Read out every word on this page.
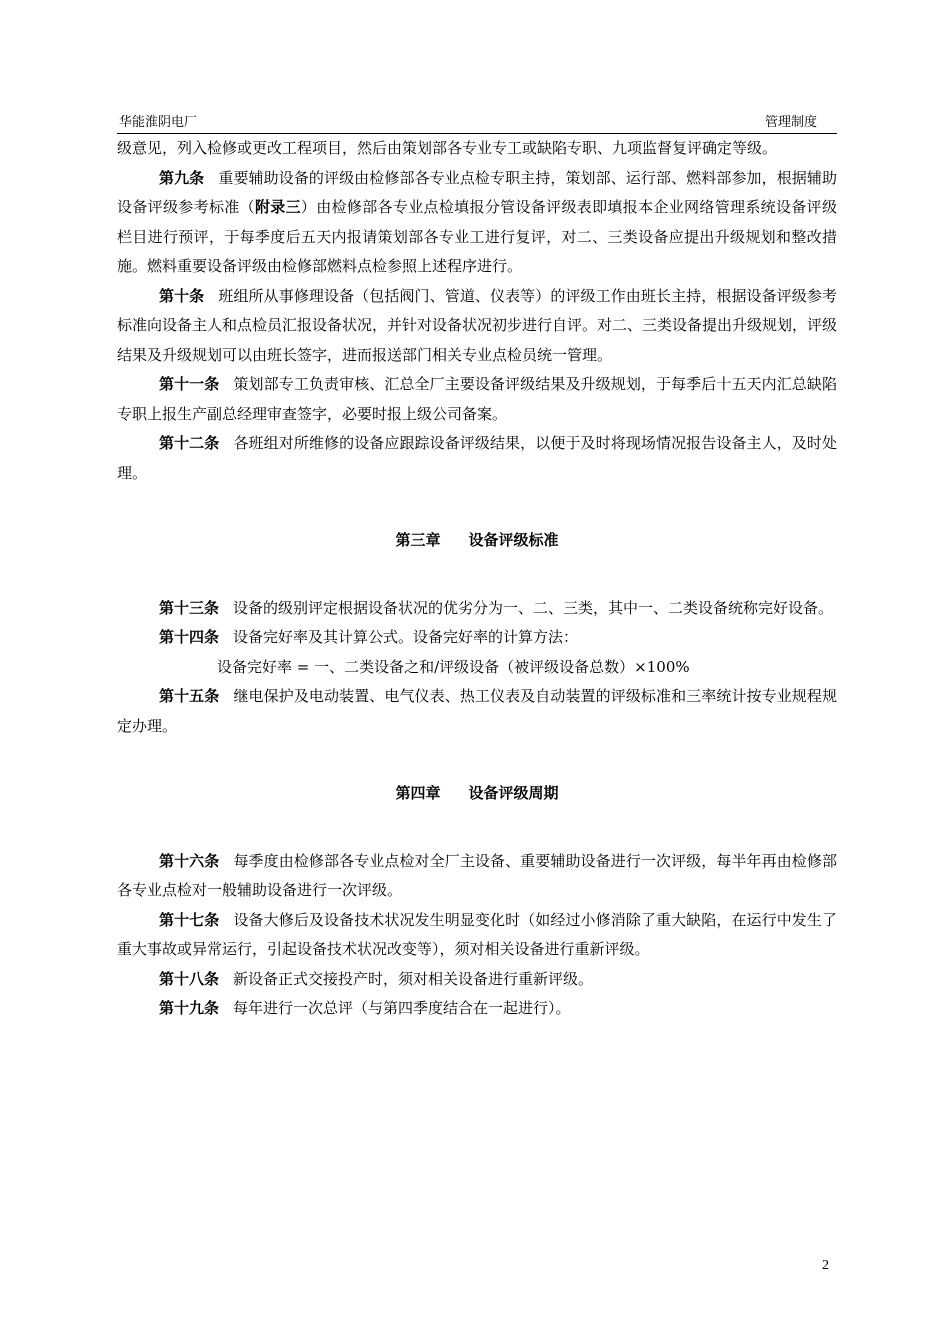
华能淮阴电厂	管理制度

级意见，列入检修或更改工程项目，然后由策划部各专业专工或缺陷专职、九项监督复评确定等级。

第九条 重要辅助设备的评级由检修部各专业点检专职主持，策划部、运行部、燃料部参加，根据辅助设备评级参考标准（附录三）由检修部各专业点检填报分管设备评级表即填报本企业网络管理系统设备评级栏目进行预评，于每季度后五天内报请策划部各专业工进行复评，对二、三类设备应提出升级规划和整改措施。燃料重要设备评级由检修部燃料点检参照上述程序进行。

第十条 班组所从事修理设备（包括阀门、管道、仪表等）的评级工作由班长主持，根据设备评级参考标准向设备主人和点检员汇报设备状况，并针对设备状况初步进行自评。对二、三类设备提出升级规划，评级结果及升级规划可以由班长签字，进而报送部门相关专业点检员统一管理。

第十一条 策划部专工负责审核、汇总全厂主要设备评级结果及升级规划，于每季后十五天内汇总缺陷专职上报生产副总经理审查签字，必要时报上级公司备案。

第十二条 各班组对所维修的设备应跟踪设备评级结果，以便于及时将现场情况报告设备主人，及时处理。

第三章 设备评级标准

第十三条 设备的级别评定根据设备状况的优劣分为一、二、三类，其中一、二类设备统称完好设备。

第十四条 设备完好率及其计算公式。设备完好率的计算方法：

设备完好率 = 一、二类设备之和/评级设备（被评级设备总数）×100%

第十五条 继电保护及电动装置、电气仪表、热工仪表及自动装置的评级标准和三率统计按专业规程规定办理。

第四章 设备评级周期

第十六条 每季度由检修部各专业点检对全厂主设备、重要辅助设备进行一次评级，每半年再由检修部各专业点检对一般辅助设备进行一次评级。

第十七条 设备大修后及设备技术状况发生明显变化时（如经过小修消除了重大缺陷，在运行中发生了重大事故或异常运行，引起设备技术状况改变等），须对相关设备进行重新评级。

第十八条 新设备正式交接投产时，须对相关设备进行重新评级。

第十九条 每年进行一次总评（与第四季度结合在一起进行）。

2
